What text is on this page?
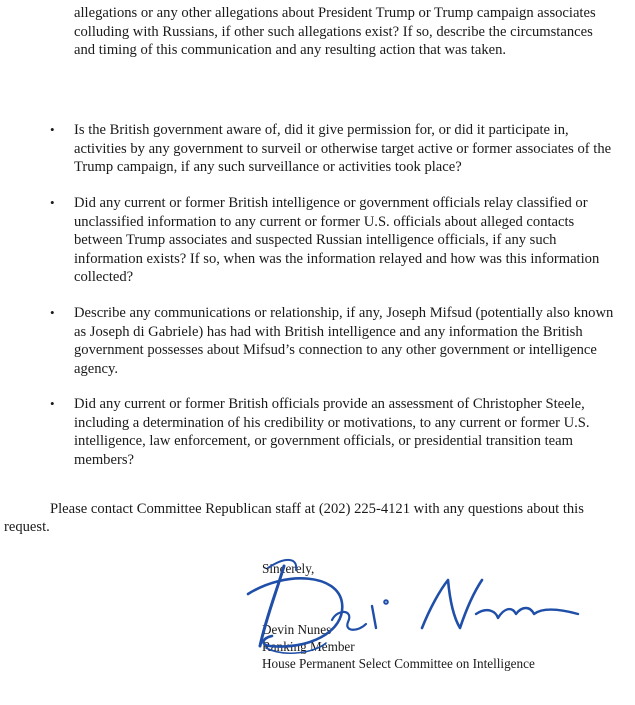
allegations or any other allegations about President Trump or Trump campaign associates colluding with Russians, if other such allegations exist? If so, describe the circumstances and timing of this communication and any resulting action that was taken.

• Is the British government aware of, did it give permission for, or did it participate in, activities by any government to surveil or otherwise target active or former associates of the Trump campaign, if any such surveillance or activities took place?
• Did any current or former British intelligence or government officials relay classified or unclassified information to any current or former U.S. officials about alleged contacts between Trump associates and suspected Russian intelligence officials, if any such information exists? If so, when was the information relayed and how was this information collected?
• Describe any communications or relationship, if any, Joseph Mifsud (potentially also known as Joseph di Gabriele) has had with British intelligence and any information the British government possesses about Mifsud’s connection to any other government or intelligence agency.
• Did any current or former British officials provide an assessment of Christopher Steele, including a determination of his credibility or motivations, to any current or former U.S. intelligence, law enforcement, or government officials, or presidential transition team members?

Please contact Committee Republican staff at (202) 225-4121 with any questions about this request.

Sincerely,
Devin Nunes
Ranking Member
House Permanent Select Committee on Intelligence
